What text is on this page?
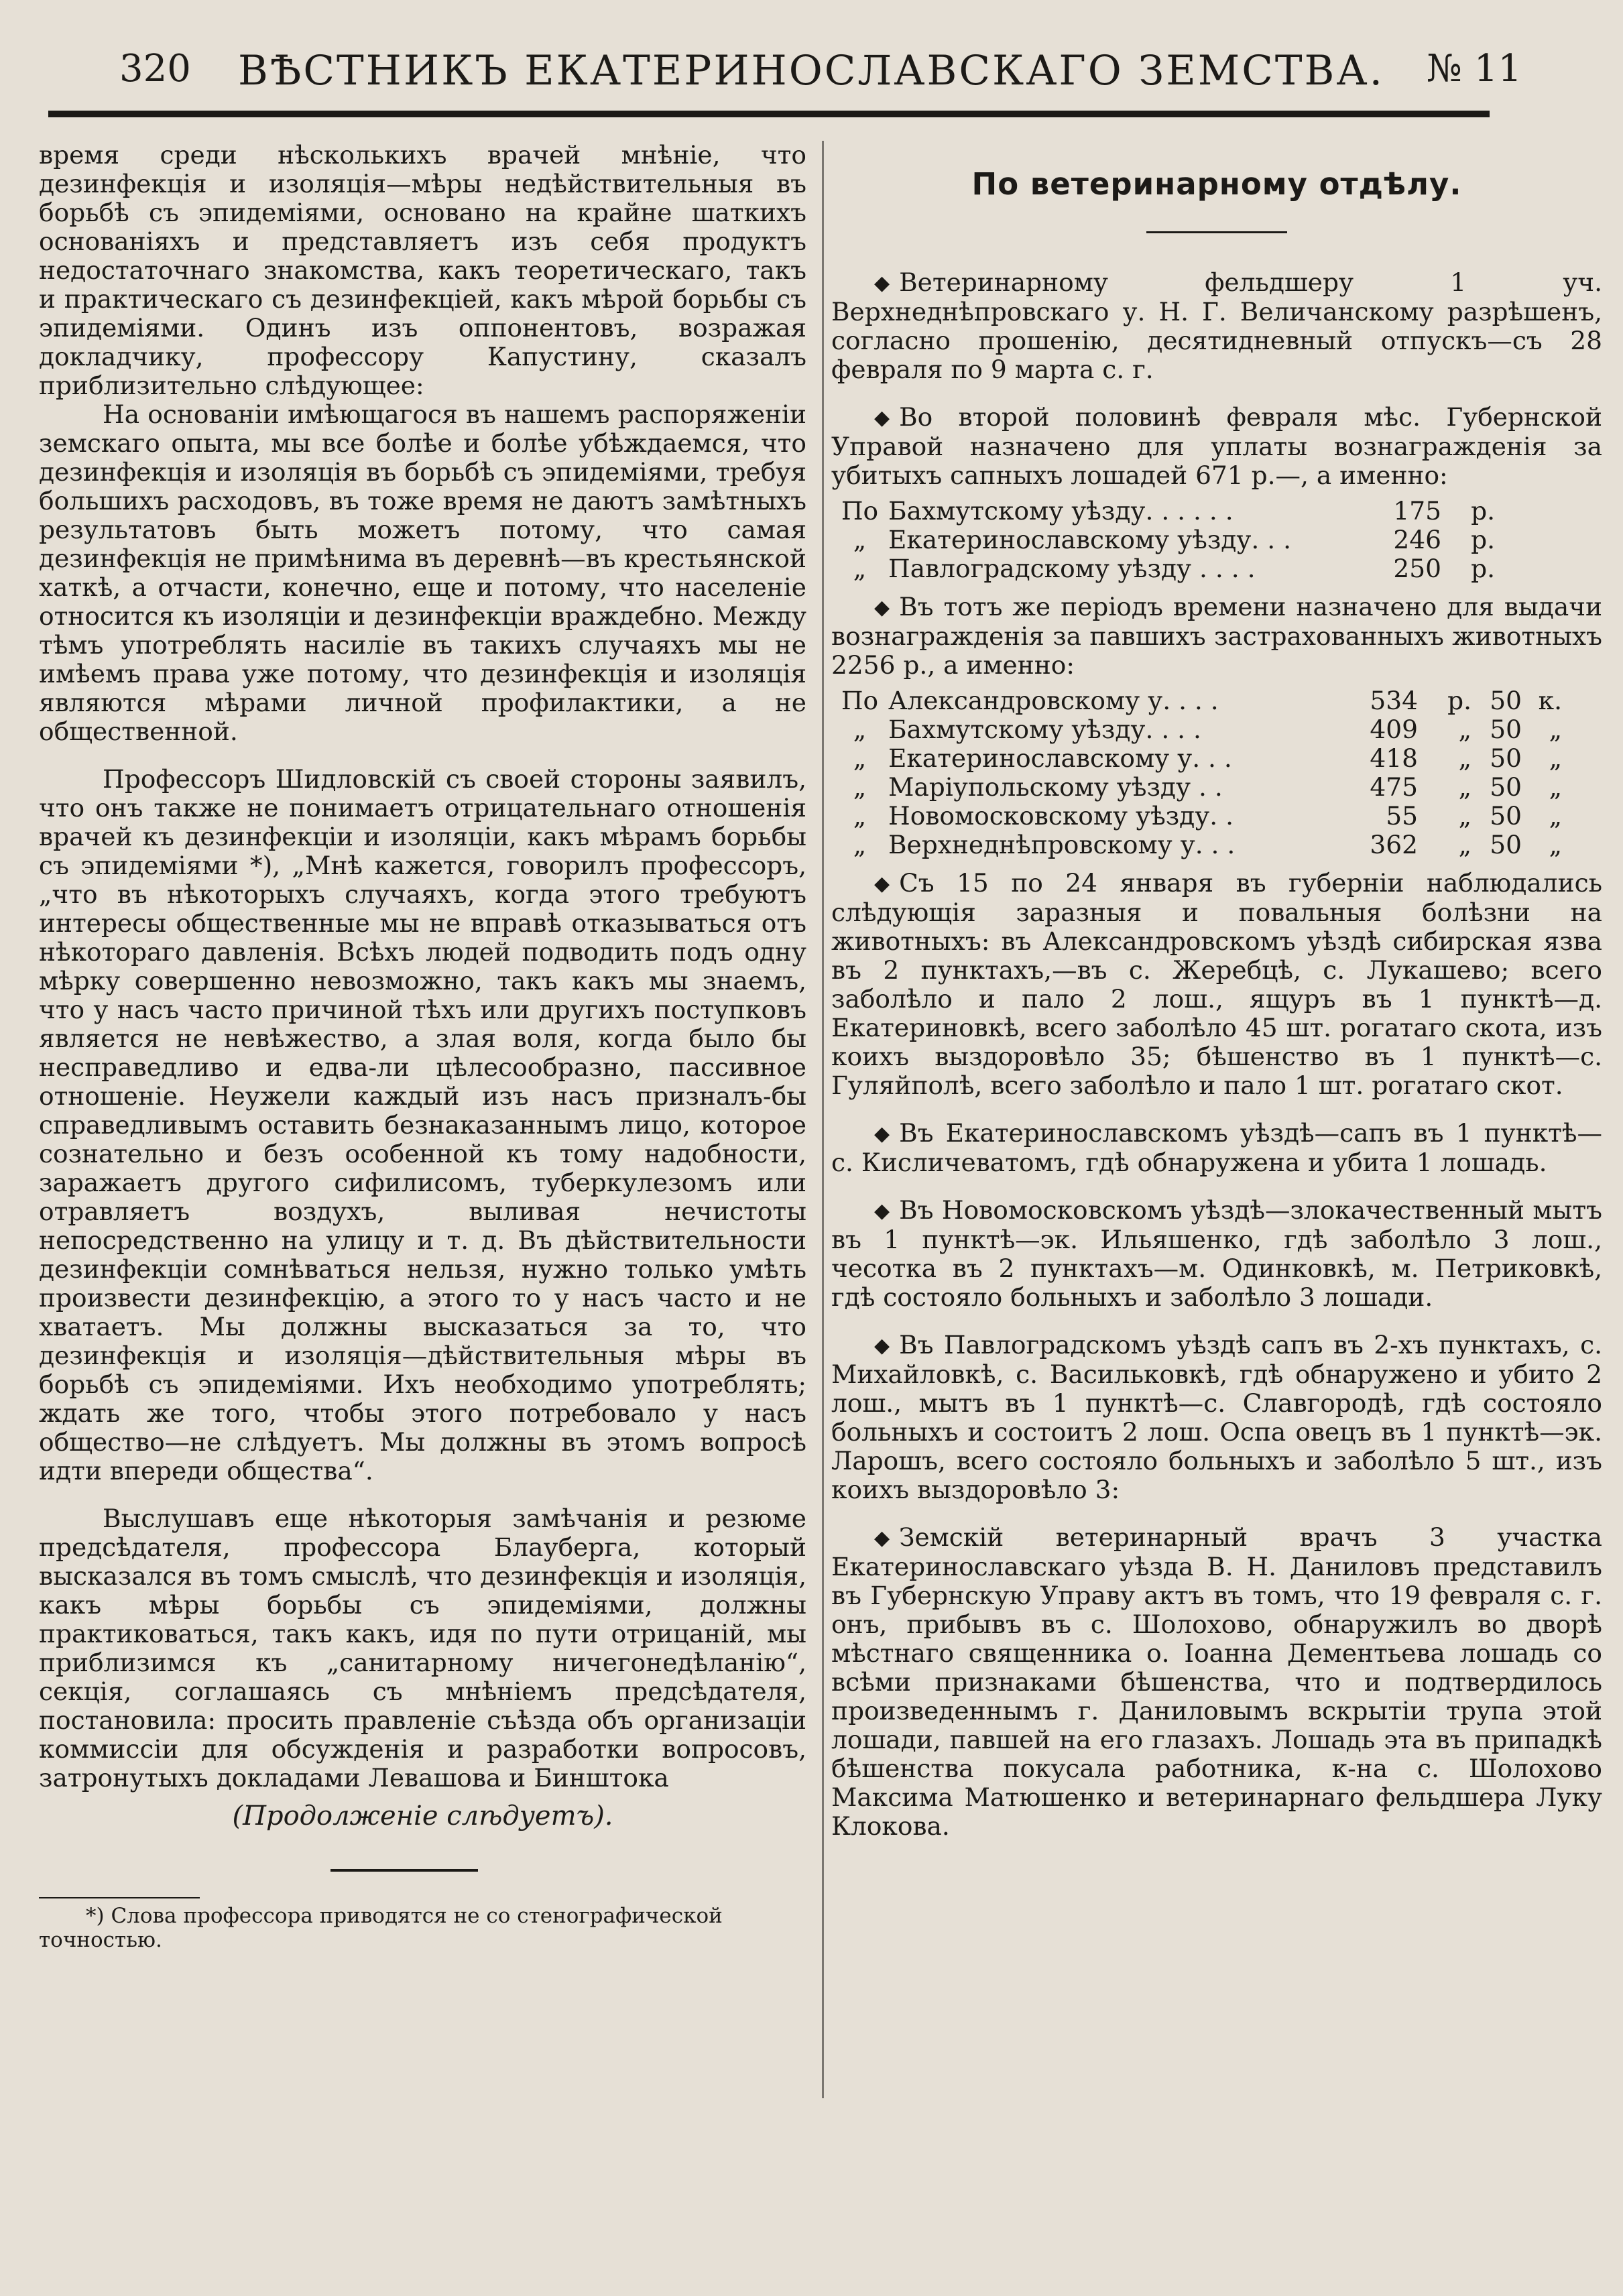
320	ВѢСТНИКЪ ЕКАТЕРИНОСЛАВСКАГО ЗЕМСТВА.	№ 11

время среди нѣсколькихъ врачей мнѣніе, что дезинфекція и изоляція—мѣры недѣйствительныя въ борьбѣ съ эпидеміями, основано на крайне шаткихъ основаніяхъ и представляетъ изъ себя продуктъ недостаточнаго знакомства, какъ теоретическаго, такъ и практическаго съ дезинфекціей, какъ мѣрой борьбы съ эпидеміями. Одинъ изъ оппонентовъ, возражая докладчику, профессору Капустину, сказалъ приблизительно слѣдующее:

На основаніи имѣющагося въ нашемъ распоряженіи земскаго опыта, мы все болѣе и болѣе убѣждаемся, что дезинфекція и изоляція въ борьбѣ съ эпидеміями, требуя большихъ расходовъ, въ тоже время не даютъ замѣтныхъ результатовъ быть можетъ потому, что самая дезинфекція не примѣнима въ деревнѣ—въ крестьянской хаткѣ, а отчасти, конечно, еще и потому, что населеніе относится къ изоляціи и дезинфекціи враждебно. Между тѣмъ употреблять насиліе въ такихъ случаяхъ мы не имѣемъ права уже потому, что дезинфекція и изоляція являются мѣрами личной профилактики, а не общественной.

Профессоръ Шидловскій съ своей стороны заявилъ, что онъ также не понимаетъ отрицательнаго отношенія врачей къ дезинфекціи и изоляціи, какъ мѣрамъ борьбы съ эпидеміями *), „Мнѣ кажется, говорилъ профессоръ, „что въ нѣкоторыхъ случаяхъ, когда этого требуютъ интересы общественные мы не вправѣ отказываться отъ нѣкотораго давленія. Всѣхъ людей подводить подъ одну мѣрку совершенно невозможно, такъ какъ мы знаемъ, что у насъ часто причиной тѣхъ или другихъ поступковъ является не невѣжество, а злая воля, когда было бы несправедливо и едва-ли цѣлесообразно, пассивное отношеніе. Неужели каждый изъ насъ призналъ-бы справедливымъ оставить безнаказаннымъ лицо, которое сознательно и безъ особенной къ тому надобности, заражаетъ другого сифилисомъ, туберкулезомъ или отравляетъ воздухъ, выливая нечистоты непосредственно на улицу и т. д. Въ дѣйствительности дезинфекціи сомнѣваться нельзя, нужно только умѣть произвести дезинфекцію, а этого то у насъ часто и не хватаетъ. Мы должны высказаться за то, что дезинфекція и изоляція—дѣйствительныя мѣры въ борьбѣ съ эпидеміями. Ихъ необходимо употреблять; ждать же того, чтобы этого потребовало у насъ общество—не слѣдуетъ. Мы должны въ этомъ вопросѣ идти впереди общества“.

Выслушавъ еще нѣкоторыя замѣчанія и резюме предсѣдателя, профессора Блауберга, который высказался въ томъ смыслѣ, что дезинфекція и изоляція, какъ мѣры борьбы съ эпидеміями, должны практиковаться, такъ какъ, идя по пути отрицаній, мы приблизимся къ „санитарному ничегонедѣланію“, секція, соглашаясь съ мнѣніемъ предсѣдателя, постановила: просить правленіе съѣзда объ организаціи коммиссіи для обсужденія и разработки вопросовъ, затронутыхъ докладами Левашова и Бинштока

(Продолженіе слѣдуетъ).

*) Слова профессора приводятся не со стенографической точностью.

По ветеринарному отдѣлу.

◆ Ветеринарному фельдшеру 1 уч. Верхнеднѣпровскаго у. Н. Г. Величанскому разрѣшенъ, согласно прошенію, десятидневный отпускъ—съ 28 февраля по 9 марта с. г.

◆ Во второй половинѣ февраля мѣс. Губернской Управой назначено для уплаты вознагражденія за убитыхъ сапныхъ лошадей 671 р.—, а именно:

По Бахмутскому уѣзду. . . . . .	175	р.
„ Екатеринославскому уѣзду. . .	246	р.
„ Павлоградскому уѣзду . . . .	250	р.

◆ Въ тотъ же періодъ времени назначено для выдачи вознагражденія за павшихъ застрахованныхъ животныхъ 2256 р., а именно:

По Александровскому у. . . .	534	р. 50 к.
„ Бахмутскому уѣзду. . . .	409	„ 50	„
„ Екатеринославскому у. . .	418	„ 50	„
„ Маріупольскому уѣзду . .	475	„ 50	„
„ Новомосковскому уѣзду. .	55	„ 50	„
„ Верхнеднѣпровскому у. . .	362	„ 50	„

◆ Съ 15 по 24 января въ губерніи наблюдались слѣдующія заразныя и повальныя болѣзни на животныхъ: въ Александровскомъ уѣздѣ сибирская язва въ 2 пунктахъ,—въ с. Жеребцѣ, с. Лукашево; всего заболѣло и пало 2 лош., ящуръ въ 1 пунктѣ—д. Екатериновкѣ, всего заболѣло 45 шт. рогатаго скота, изъ коихъ выздоровѣло 35; бѣшенство въ 1 пунктѣ—с. Гуляйполѣ, всего заболѣло и пало 1 шт. рогатаго скот.

◆ Въ Екатеринославскомъ уѣздѣ—сапъ въ 1 пунктѣ—с. Кисличеватомъ, гдѣ обнаружена и убита 1 лошадь.

◆ Въ Новомосковскомъ уѣздѣ—злокачественный мытъ въ 1 пунктѣ—эк. Ильяшенко, гдѣ заболѣло 3 лош., чесотка въ 2 пунктахъ—м. Одинковкѣ, м. Петриковкѣ, гдѣ состояло больныхъ и заболѣло 3 лошади.

◆ Въ Павлоградскомъ уѣздѣ сапъ въ 2-хъ пунктахъ, с. Михайловкѣ, с. Васильковкѣ, гдѣ обнаружено и убито 2 лош., мытъ въ 1 пунктѣ—с. Славгородѣ, гдѣ состояло больныхъ и состоитъ 2 лош. Оспа овецъ въ 1 пунктѣ—эк. Ларошъ, всего состояло больныхъ и заболѣло 5 шт., изъ коихъ выздоровѣло 3:

◆ Земскій ветеринарный врачъ 3 участка Екатеринославскаго уѣзда В. Н. Даниловъ представилъ въ Губернскую Управу актъ въ томъ, что 19 февраля с. г. онъ, прибывъ въ с. Шолохово, обнаружилъ во дворѣ мѣстнаго священника о. Іоанна Дементьева лошадь со всѣми признаками бѣшенства, что и подтвердилось произведеннымъ г. Даниловымъ вскрытіи трупа этой лошади, павшей на его глазахъ. Лошадь эта въ припадкѣ бѣшенства покусала работника, к-на с. Шолохово Максима Матюшенко и ветеринарнаго фельдшера Луку Клокова.
